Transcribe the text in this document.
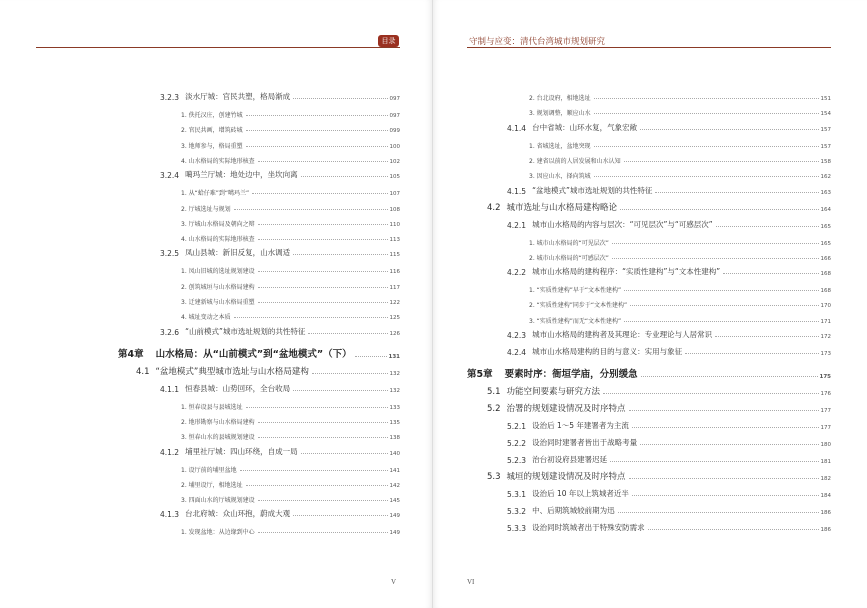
目录
3.2.3 淡水厅城：官民共塑，格局渐成	097
1. 佚托汉庄，创建竹城	097
2. 官民共画，增筑砖城	099
3. 地师参与，格局重塑	100
4. 山水格局的实际地形核查	102
3.2.4 噶玛兰厅城：地处边中，坐坎向离	105
1. 从“蛤仔难”到“噶玛兰”	107
2. 厅城选址与规划	108
3. 厅城山水格局及朝向之辩	110
4. 山水格局的实际地形核查	113
3.2.5 凤山县城：新旧反复，山水调适	115
1. 凤山旧城的选址规划建设	116
2. 创筑城垣与山水格局建构	117
3. 迁建新城与山水格局重塑	122
4. 城址变动之本质	125
3.2.6 “山前模式”城市选址规划的共性特征	126
第4章	山水格局：从“山前模式”到“盆地模式”（下）	131
4.1 “盆地模式”典型城市选址与山水格局建构	132
4.1.1 恒春县城：山势回环，全台收局	132
1. 恒春设县与县城选址	133
2. 地形勘察与山水格局建构	135
3. 恒春山水的县城规划建设	138
4.1.2 埔里社厅城：四山环绕，自成一局	140
1. 设厅前的埔里盆地	141
2. 埔里设厅，相地选址	142
3. 四面山水的厅城规划建设	145
4.1.3 台北府城：众山环抱，蔚成大观	149
1. 发现盆地：从边缘到中心	149
V
守制与应变：清代台湾城市规划研究
2. 台北设府，相地选址	151
3. 规划调整，顺应山水	154
4.1.4 台中省城：山环水复，气象宏敞	157
1. 省城选址，盆地突现	157
2. 建省以前的人居发展和山水认知	158
3. 因应山水，择向筑城	162
4.1.5 “盆地模式”城市选址规划的共性特征	163
4.2 城市选址与山水格局建构略论	164
4.2.1 城市山水格局的内容与层次：“可见层次”与“可感层次”	165
1. 城市山水格局的“可见层次”	165
2. 城市山水格局的“可感层次”	166
4.2.2 城市山水格局的建构程序：“实质性建构”与“文本性建构”	168
1. “实质性建构”早于“文本性建构”	168
2. “实质性建构”同步于“文本性建构”	170
3. “实质性建构”而无“文本性建构”	171
4.2.3 城市山水格局的建构者及其理论：专业理论与人居常识	172
4.2.4 城市山水格局建构的目的与意义：实用与象征	173
第5章	要素时序：衙垣学庙，分别缓急	175
5.1 功能空间要素与研究方法	176
5.2 治署的规划建设情况及时序特点	177
5.2.1 设治后 1～5 年建署者为主流	177
5.2.2 设治同时建署者皆出于战略考量	180
5.2.3 治台初设府县建署迟延	181
5.3 城垣的规划建设情况及时序特点	182
5.3.1 设治后 10 年以上筑城者近半	184
5.3.2 中、后期筑城较前期为迅	186
5.3.3 设治同时筑城者出于特殊安防需求	186
VI
